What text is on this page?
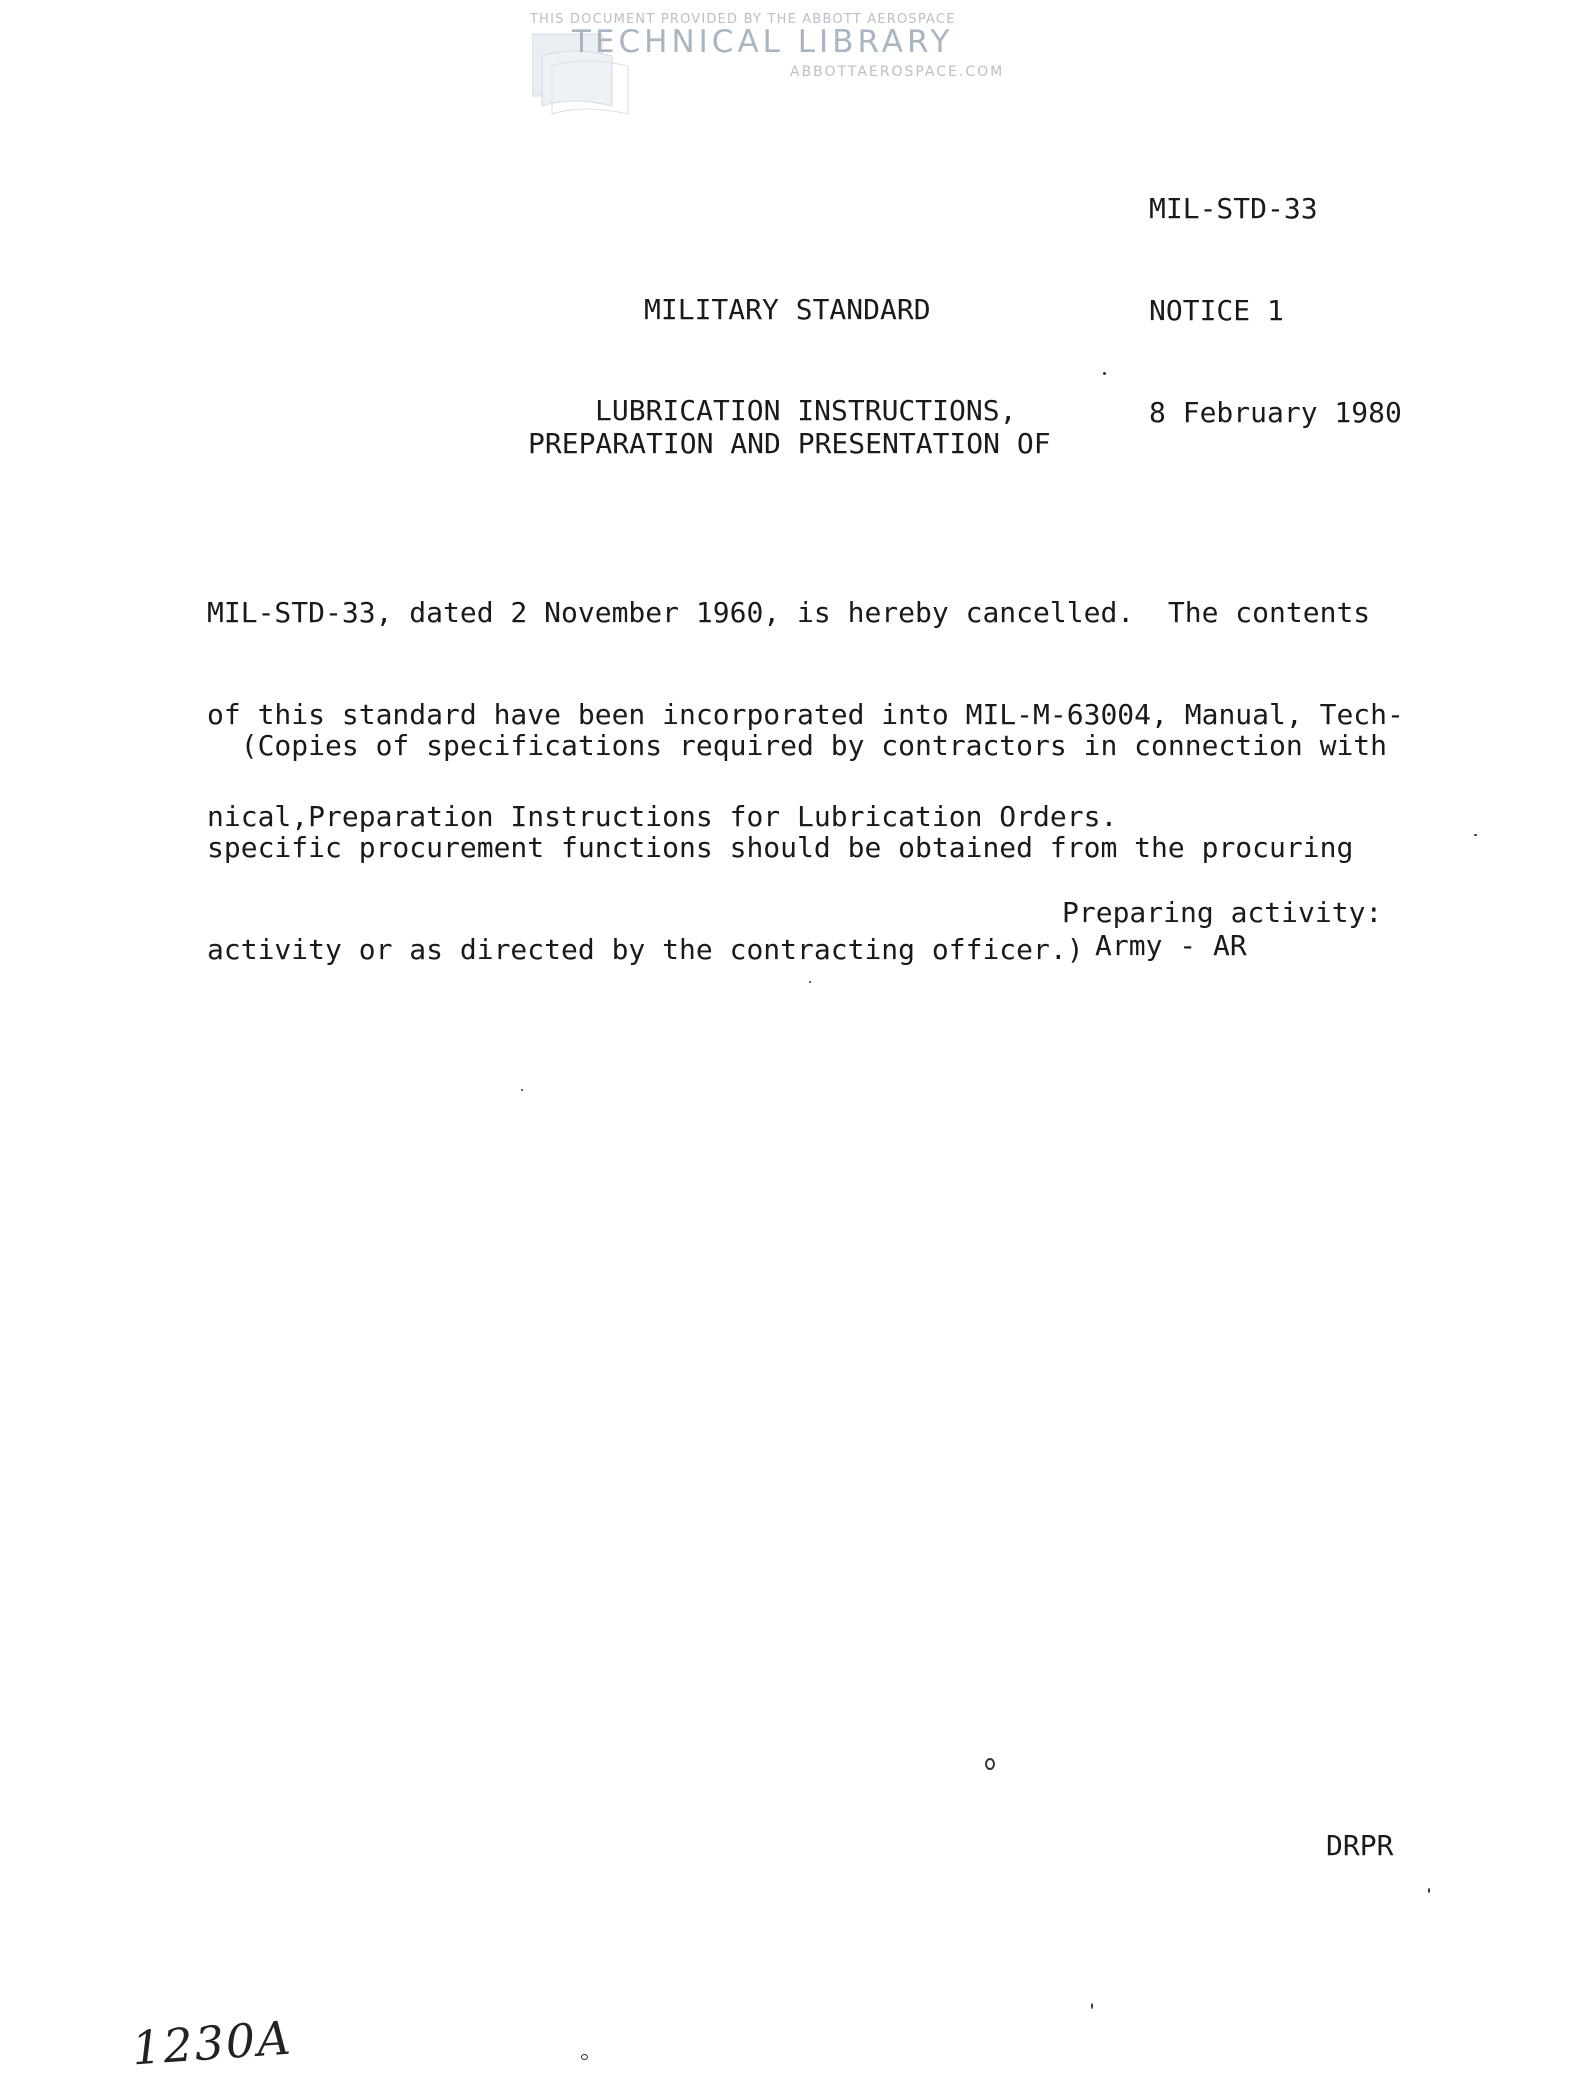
THIS DOCUMENT PROVIDED BY THE ABBOTT AEROSPACE
TECHNICAL LIBRARY
ABBOTTAEROSPACE.COM

MIL-STD-33

NOTICE 1

8 February 1980

MILITARY STANDARD
LUBRICATION INSTRUCTIONS,
PREPARATION AND PRESENTATION OF

MIL-STD-33, dated 2 November 1960, is hereby cancelled.  The contents

of this standard have been incorporated into MIL-M-63004, Manual, Tech-

nical,Preparation Instructions for Lubrication Orders.

(Copies of specifications required by contractors in connection with

specific procurement functions should be obtained from the procuring

activity or as directed by the contracting officer.)

Preparing activity:
Army - AR
DRPR
1230A
